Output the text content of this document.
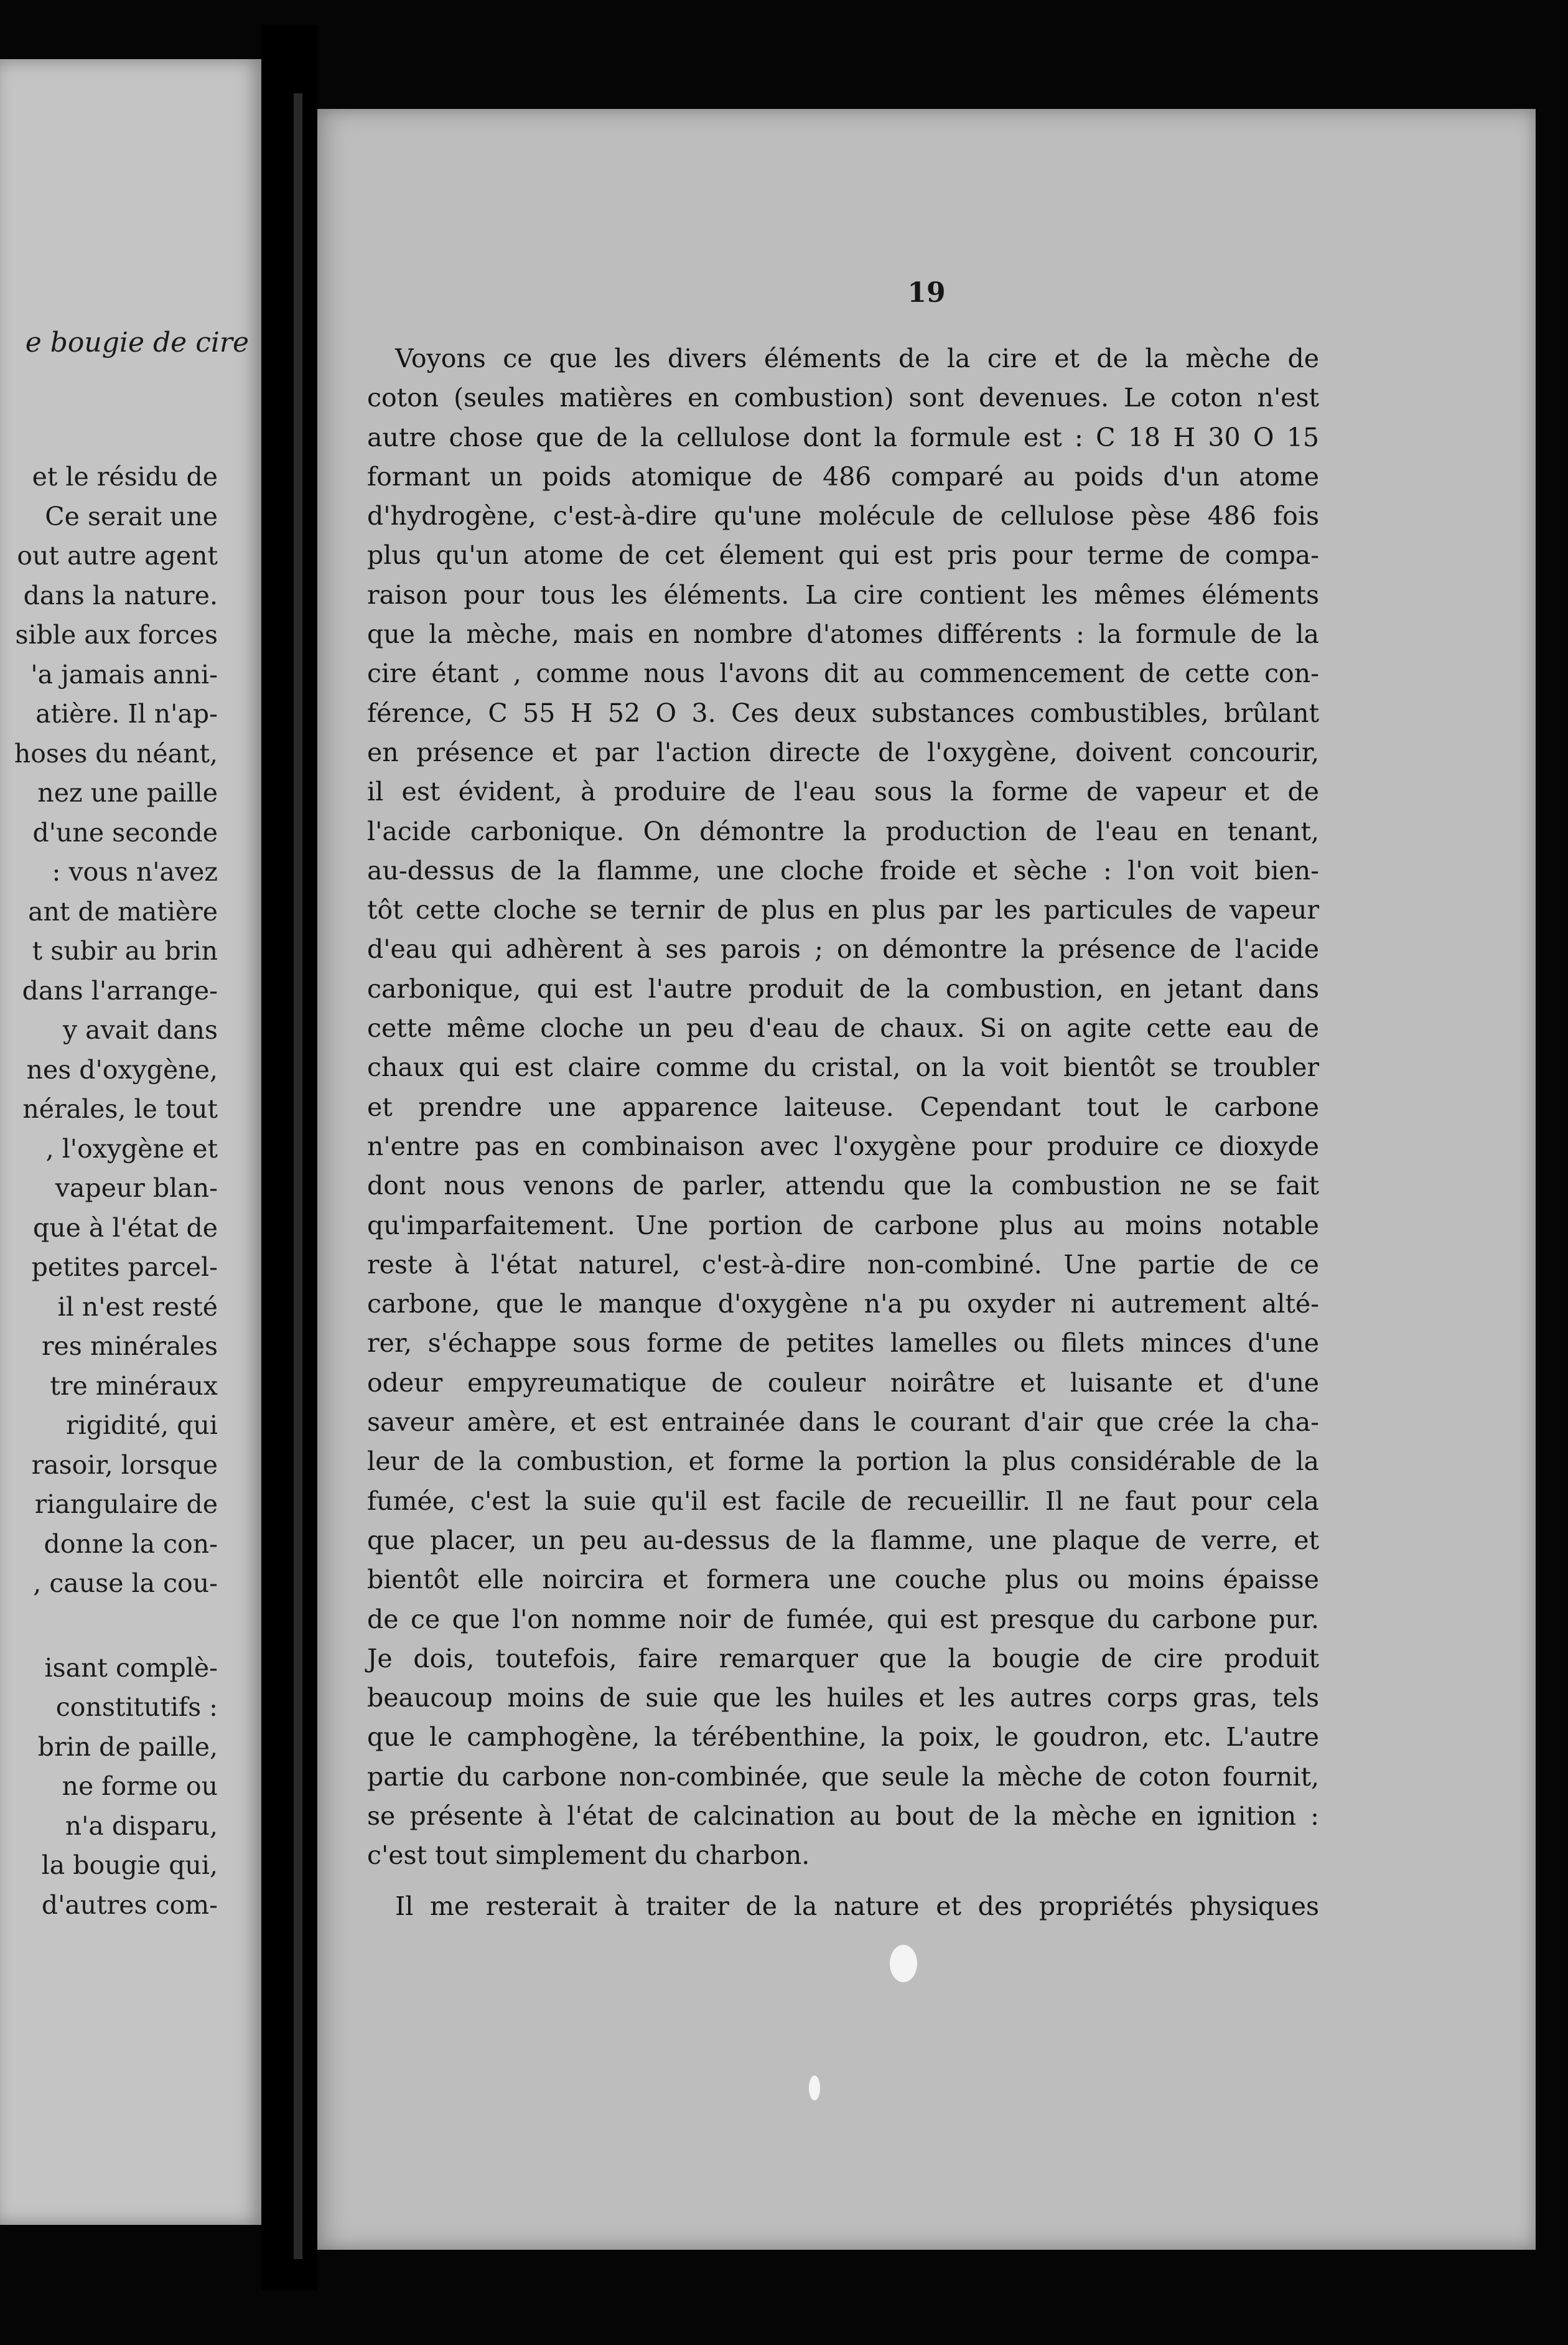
e bougie de cire
et le résidu de
Ce serait une
out autre agent
dans la nature.
sible aux forces
'a jamais anni-
atière. Il n'ap-
hoses du néant,
nez une paille
d'une seconde
: vous n'avez
ant de matière
t subir au brin
dans l'arrange-
y avait dans
nes d'oxygène,
nérales, le tout
, l'oxygène et
vapeur blan-
que à l'état de
petites parcel-
il n'est resté
res minérales
tre minéraux
rigidité, qui
rasoir, lorsque
riangulaire de
donne la con-
, cause la cou-
isant complè-
constitutifs :
brin de paille,
ne forme ou
n'a disparu,
la bougie qui,
d'autres com-
19
Voyons ce que les divers éléments de la cire et de la mèche de
coton (seules matières en combustion) sont devenues. Le coton n'est
autre chose que de la cellulose dont la formule est : C 18 H 30 O 15
formant un poids atomique de 486 comparé au poids d'un atome
d'hydrogène, c'est-à-dire qu'une molécule de cellulose pèse 486 fois
plus qu'un atome de cet élement qui est pris pour terme de compa-
raison pour tous les éléments. La cire contient les mêmes éléments
que la mèche, mais en nombre d'atomes différents : la formule de la
cire étant , comme nous l'avons dit au commencement de cette con-
férence, C 55 H 52 O 3. Ces deux substances combustibles, brûlant
en présence et par l'action directe de l'oxygène, doivent concourir,
il est évident, à produire de l'eau sous la forme de vapeur et de
l'acide carbonique. On démontre la production de l'eau en tenant,
au-dessus de la flamme, une cloche froide et sèche : l'on voit bien-
tôt cette cloche se ternir de plus en plus par les particules de vapeur
d'eau qui adhèrent à ses parois ; on démontre la présence de l'acide
carbonique, qui est l'autre produit de la combustion, en jetant dans
cette même cloche un peu d'eau de chaux. Si on agite cette eau de
chaux qui est claire comme du cristal, on la voit bientôt se troubler
et prendre une apparence laiteuse. Cependant tout le carbone
n'entre pas en combinaison avec l'oxygène pour produire ce dioxyde
dont nous venons de parler, attendu que la combustion ne se fait
qu'imparfaitement. Une portion de carbone plus au moins notable
reste à l'état naturel, c'est-à-dire non-combiné. Une partie de ce
carbone, que le manque d'oxygène n'a pu oxyder ni autrement alté-
rer, s'échappe sous forme de petites lamelles ou filets minces d'une
odeur empyreumatique de couleur noirâtre et luisante et d'une
saveur amère, et est entrainée dans le courant d'air que crée la cha-
leur de la combustion, et forme la portion la plus considérable de la
fumée, c'est la suie qu'il est facile de recueillir. Il ne faut pour cela
que placer, un peu au-dessus de la flamme, une plaque de verre, et
bientôt elle noircira et formera une couche plus ou moins épaisse
de ce que l'on nomme noir de fumée, qui est presque du carbone pur.
Je dois, toutefois, faire remarquer que la bougie de cire produit
beaucoup moins de suie que les huiles et les autres corps gras, tels
que le camphogène, la térébenthine, la poix, le goudron, etc. L'autre
partie du carbone non-combinée, que seule la mèche de coton fournit,
se présente à l'état de calcination au bout de la mèche en ignition :
c'est tout simplement du charbon.
Il me resterait à traiter de la nature et des propriétés physiques
